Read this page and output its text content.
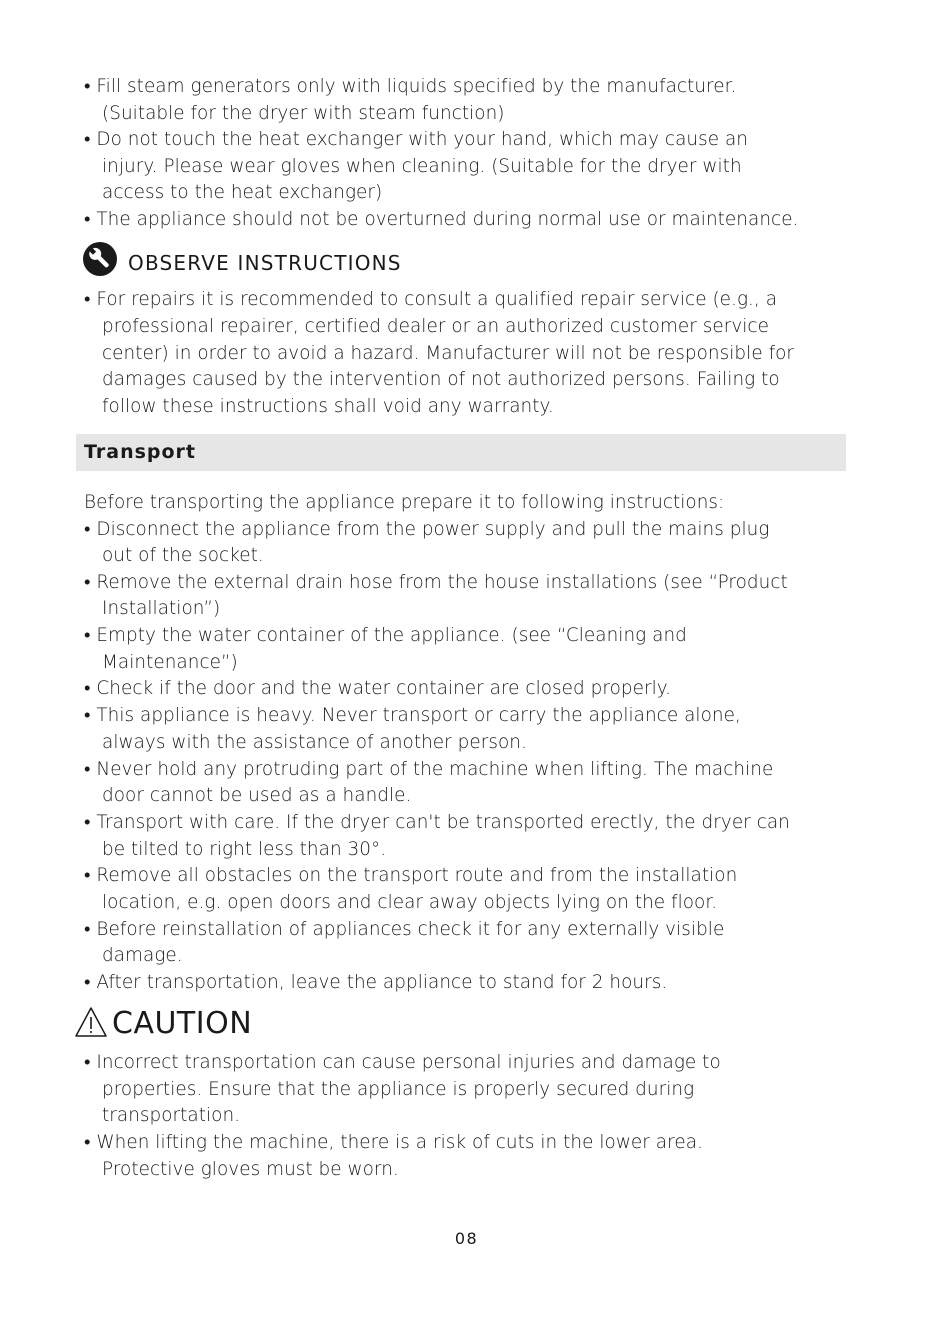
• Fill steam generators only with liquids specified by the manufacturer.
(Suitable for the dryer with steam function)
• Do not touch the heat exchanger with your hand, which may cause an
injury. Please wear gloves when cleaning. (Suitable for the dryer with
access to the heat exchanger)
• The appliance should not be overturned during normal use or maintenance.
OBSERVE INSTRUCTIONS
• For repairs it is recommended to consult a qualified repair service (e.g., a
professional repairer, certified dealer or an authorized customer service
center) in order to avoid a hazard. Manufacturer will not be responsible for
damages caused by the intervention of not authorized persons. Failing to
follow these instructions shall void any warranty.
Transport
Before transporting the appliance prepare it to following instructions:
• Disconnect the appliance from the power supply and pull the mains plug
out of the socket.
• Remove the external drain hose from the house installations (see “Product
Installation”)
• Empty the water container of the appliance. (see “Cleaning and
Maintenance”)
• Check if the door and the water container are closed properly.
• This appliance is heavy. Never transport or carry the appliance alone,
always with the assistance of another person.
• Never hold any protruding part of the machine when lifting. The machine
door cannot be used as a handle.
• Transport with care. If the dryer can't be transported erectly, the dryer can
be tilted to right less than 30°.
• Remove all obstacles on the transport route and from the installation
location, e.g. open doors and clear away objects lying on the floor.
• Before reinstallation of appliances check it for any externally visible
damage.
• After transportation, leave the appliance to stand for 2 hours.
CAUTION
• Incorrect transportation can cause personal injuries and damage to
properties. Ensure that the appliance is properly secured during
transportation.
• When lifting the machine, there is a risk of cuts in the lower area.
Protective gloves must be worn.
08
